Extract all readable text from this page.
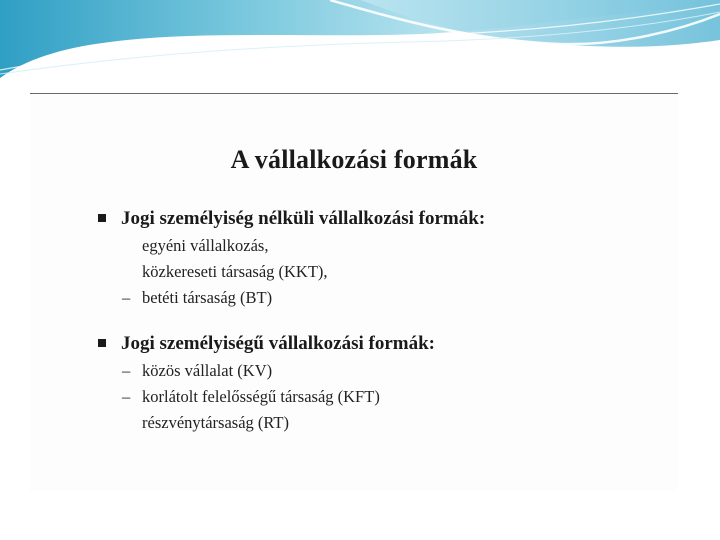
A vállalkozási formák
Jogi személyiség nélküli vállalkozási formák:
egyéni vállalkozás,
közkereseti társaság (KKT),
– betéti társaság (BT)
Jogi személyiségű vállalkozási formák:
– közös vállalat (KV)
– korlátolt felelősségű társaság (KFT)
részvénytársaság (RT)
